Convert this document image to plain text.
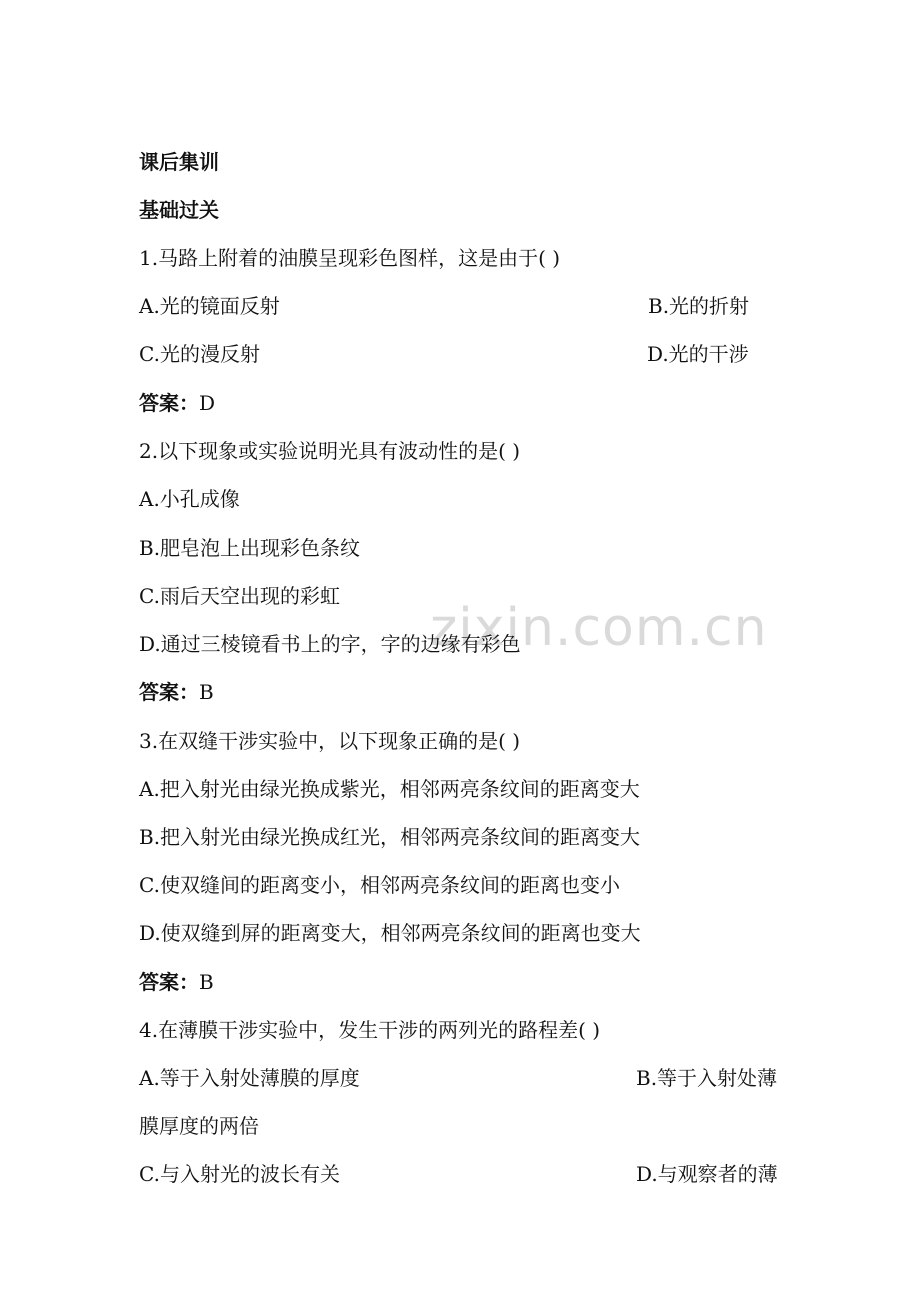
zixin.com.cn
课后集训
基础过关
1.马路上附着的油膜呈现彩色图样，这是由于( )
A.光的镜面反射	B.光的折射
C.光的漫反射	D.光的干涉
答案：D
2.以下现象或实验说明光具有波动性的是( )
A.小孔成像
B.肥皂泡上出现彩色条纹
C.雨后天空出现的彩虹
D.通过三棱镜看书上的字，字的边缘有彩色
答案：B
3.在双缝干涉实验中，以下现象正确的是( )
A.把入射光由绿光换成紫光，相邻两亮条纹间的距离变大
B.把入射光由绿光换成红光，相邻两亮条纹间的距离变大
C.使双缝间的距离变小，相邻两亮条纹间的距离也变小
D.使双缝到屏的距离变大，相邻两亮条纹间的距离也变大
答案：B
4.在薄膜干涉实验中，发生干涉的两列光的路程差( )
A.等于入射处薄膜的厚度	B.等于入射处薄
膜厚度的两倍
C.与入射光的波长有关	D.与观察者的薄
